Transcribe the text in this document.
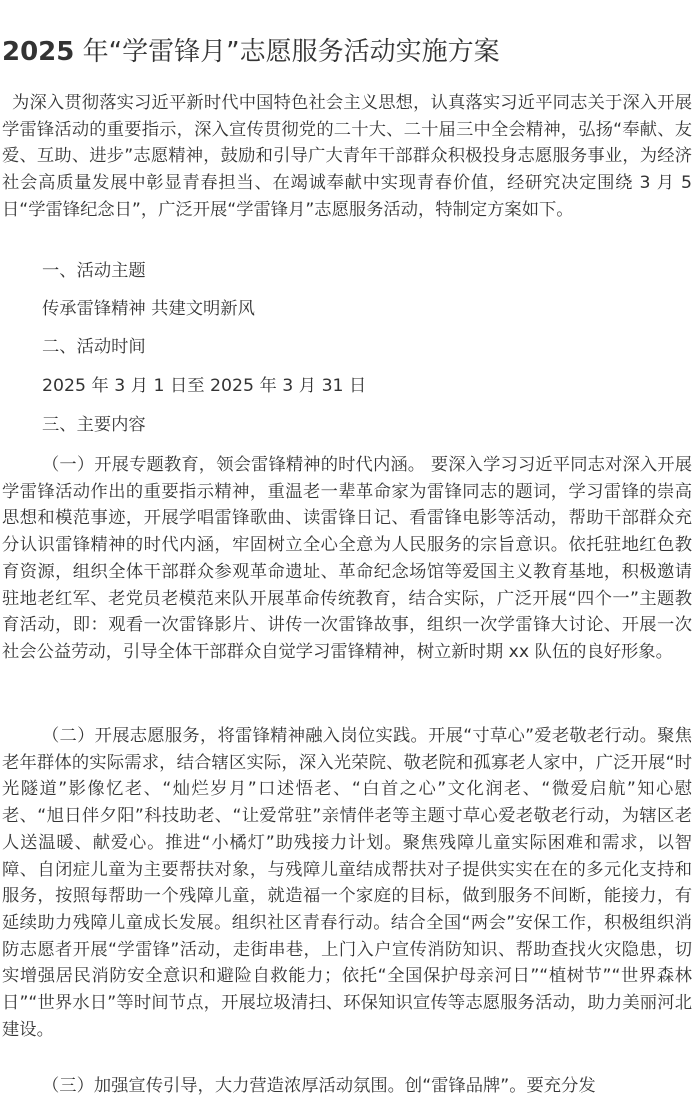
2025 年“学雷锋月”志愿服务活动实施方案

为深入贯彻落实习近平新时代中国特色社会主义思想，认真落实习近平同志关于深入开展学雷锋活动的重要指示，深入宣传贯彻党的二十大、二十届三中全会精神，弘扬“奉献、友爱、互助、进步”志愿精神，鼓励和引导广大青年干部群众积极投身志愿服务事业，为经济社会高质量发展中彰显青春担当、在竭诚奉献中实现青春价值，经研究决定围绕 3 月 5 日“学雷锋纪念日”，广泛开展“学雷锋月”志愿服务活动，特制定方案如下。

一、活动主题

传承雷锋精神 共建文明新风

二、活动时间

2025 年 3 月 1 日至 2025 年 3 月 31 日

三、主要内容

（一）开展专题教育，领会雷锋精神的时代内涵。 要深入学习习近平同志对深入开展学雷锋活动作出的重要指示精神，重温老一辈革命家为雷锋同志的题词，学习雷锋的崇高思想和模范事迹，开展学唱雷锋歌曲、读雷锋日记、看雷锋电影等活动，帮助干部群众充分认识雷锋精神的时代内涵，牢固树立全心全意为人民服务的宗旨意识。依托驻地红色教育资源，组织全体干部群众参观革命遗址、革命纪念场馆等爱国主义教育基地，积极邀请驻地老红军、老党员老模范来队开展革命传统教育，结合实际，广泛开展“四个一”主题教育活动，即：观看一次雷锋影片、讲传一次雷锋故事，组织一次学雷锋大讨论、开展一次社会公益劳动，引导全体干部群众自觉学习雷锋精神，树立新时期 xx 队伍的良好形象。

（二）开展志愿服务，将雷锋精神融入岗位实践。开展“寸草心”爱老敬老行动。聚焦老年群体的实际需求，结合辖区实际，深入光荣院、敬老院和孤寡老人家中，广泛开展“时光隧道”影像忆老、“灿烂岁月”口述悟老、“白首之心”文化润老、“微爱启航”知心慰老、“旭日伴夕阳”科技助老、“让爱常驻”亲情伴老等主题寸草心爱老敬老行动，为辖区老人送温暖、献爱心。推进“小橘灯”助残接力计划。聚焦残障儿童实际困难和需求，以智障、自闭症儿童为主要帮扶对象，与残障儿童结成帮扶对子提供实实在在的多元化支持和服务，按照每帮助一个残障儿童，就造福一个家庭的目标，做到服务不间断，能接力，有延续助力残障儿童成长发展。组织社区青春行动。结合全国“两会”安保工作，积极组织消防志愿者开展“学雷锋”活动，走街串巷，上门入户宣传消防知识、帮助查找火灾隐患，切实增强居民消防安全意识和避险自救能力；依托“全国保护母亲河日”“植树节”“世界森林日”“世界水日”等时间节点，开展垃圾清扫、环保知识宣传等志愿服务活动，助力美丽河北建设。

（三）加强宣传引导，大力营造浓厚活动氛围。创“雷锋品牌”。要充分发
